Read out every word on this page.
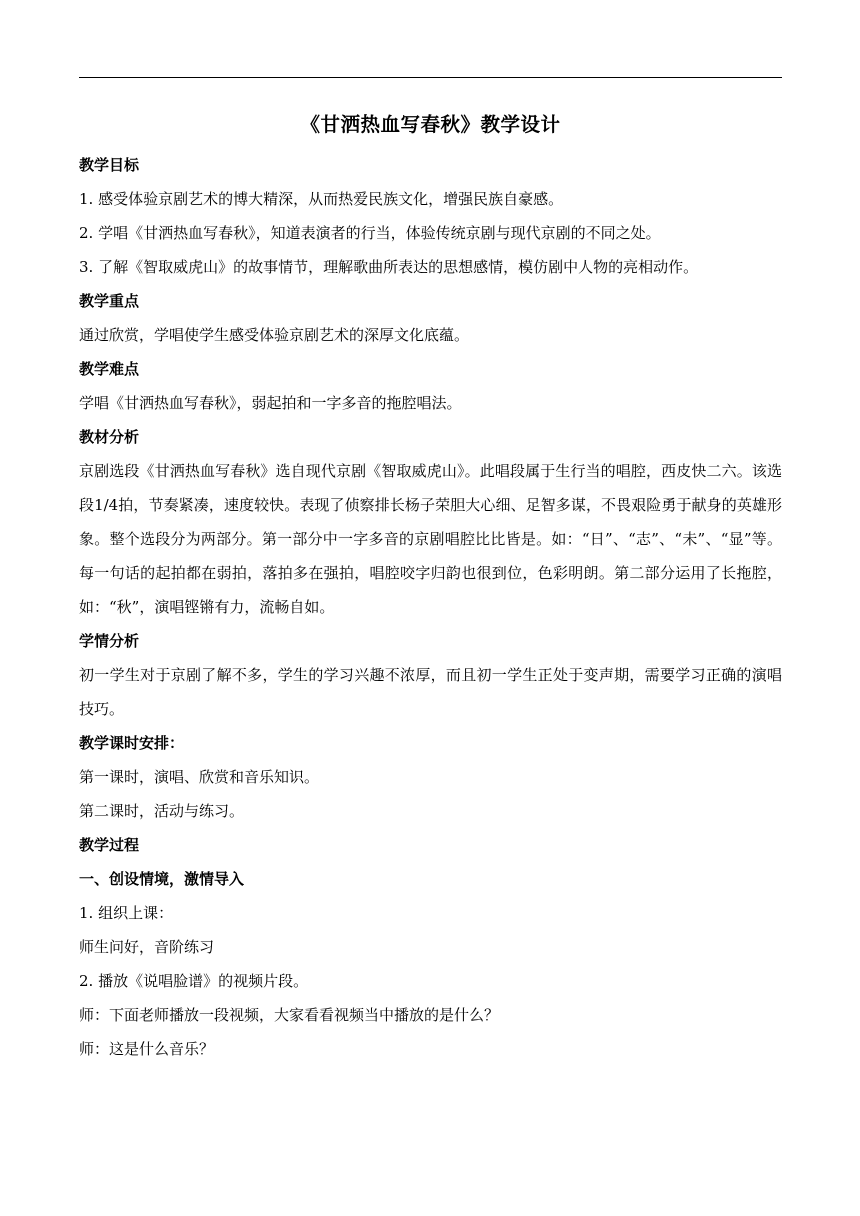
《甘洒热血写春秋》教学设计
教学目标
1. 感受体验京剧艺术的博大精深，从而热爱民族文化，增强民族自豪感。
2. 学唱《甘洒热血写春秋》，知道表演者的行当，体验传统京剧与现代京剧的不同之处。
3. 了解《智取威虎山》的故事情节，理解歌曲所表达的思想感情，模仿剧中人物的亮相动作。
教学重点
通过欣赏，学唱使学生感受体验京剧艺术的深厚文化底蕴。
教学难点
学唱《甘洒热血写春秋》，弱起拍和一字多音的拖腔唱法。
教材分析
京剧选段《甘洒热血写春秋》选自现代京剧《智取威虎山》。此唱段属于生行当的唱腔，西皮快二六。该选段1/4拍，节奏紧凑，速度较快。表现了侦察排长杨子荣胆大心细、足智多谋，不畏艰险勇于献身的英雄形象。整个选段分为两部分。第一部分中一字多音的京剧唱腔比比皆是。如：“日”、“志”、“未”、“显”等。每一句话的起拍都在弱拍，落拍多在强拍，唱腔咬字归韵也很到位，色彩明朗。第二部分运用了长拖腔，如：“秋”，演唱铿锵有力，流畅自如。
学情分析
初一学生对于京剧了解不多，学生的学习兴趣不浓厚，而且初一学生正处于变声期，需要学习正确的演唱技巧。
教学课时安排：
第一课时，演唱、欣赏和音乐知识。
第二课时，活动与练习。
教学过程
一、创设情境，激情导入
1. 组织上课：
师生问好，音阶练习
2. 播放《说唱脸谱》的视频片段。
师：下面老师播放一段视频，大家看看视频当中播放的是什么？
师：这是什么音乐？
